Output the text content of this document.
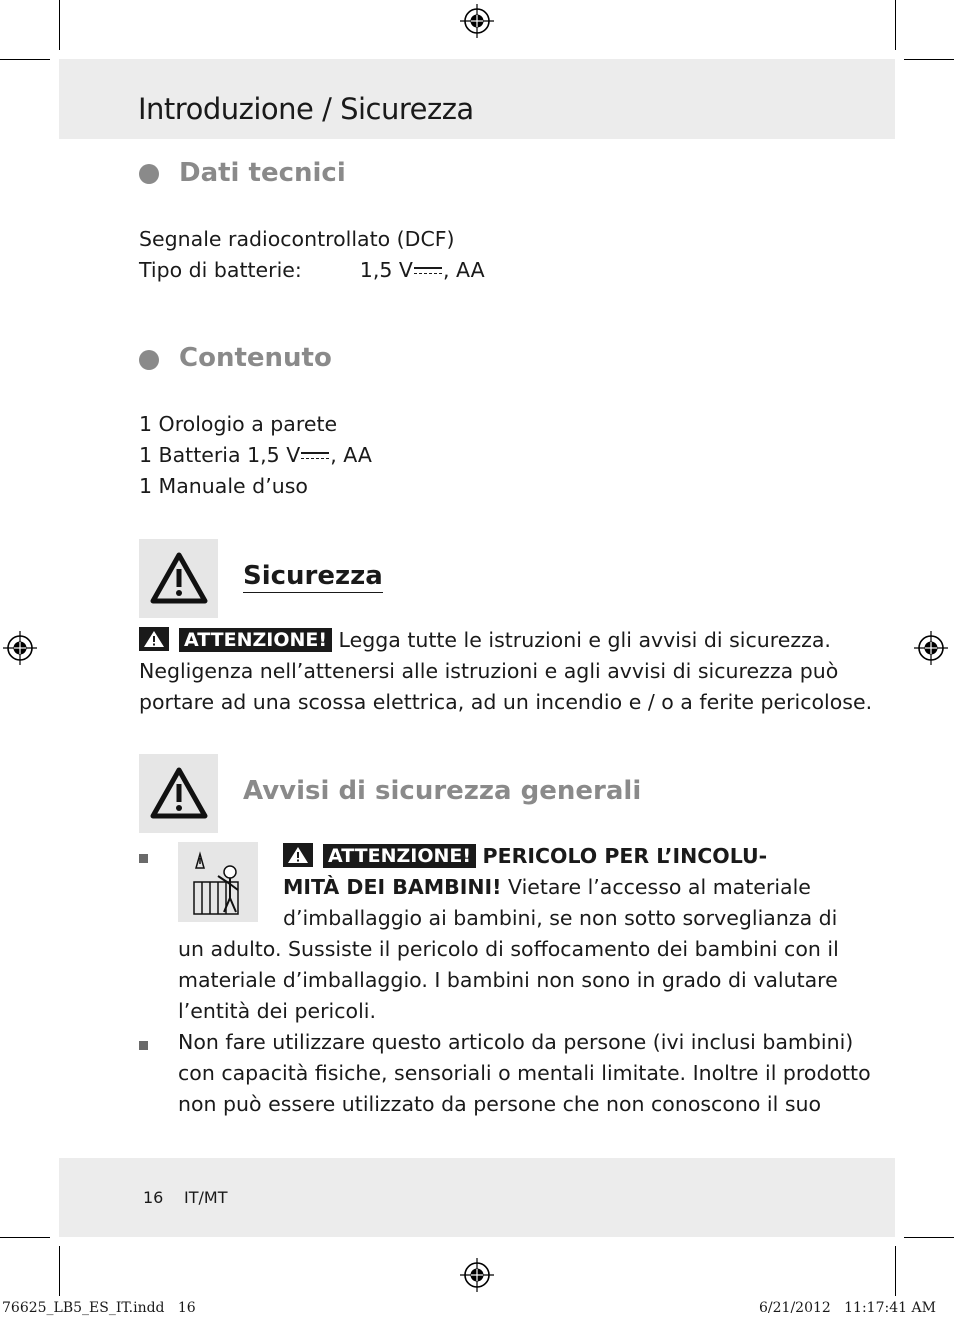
Introduzione / Sicurezza
Dati tecnici
Segnale radiocontrollato (DCF)
Tipo di batterie:	1,5 V , AA
Contenuto
1 Orologio a parete
1 Batteria 1,5 V , AA
1 Manuale d’uso
Sicurezza
ATTENZIONE! Legga tutte le istruzioni e gli avvisi di sicurezza.
Negligenza nell’attenersi alle istruzioni e agli avvisi di sicurezza può
portare ad una scossa elettrica, ad un incendio e / o a ferite pericolose.
Avvisi di sicurezza generali
ATTENZIONE! PERICOLO PER L’INCOLU-
MITÀ DEI BAMBINI! Vietare l’accesso al materiale
d’imballaggio ai bambini, se non sotto sorveglianza di
un adulto. Sussiste il pericolo di soffocamento dei bambini con il
materiale d’imballaggio. I bambini non sono in grado di valutare
l’entità dei pericoli.
Non fare utilizzare questo articolo da persone (ivi inclusi bambini)
con capacità fisiche, sensoriali o mentali limitate. Inoltre il prodotto
non può essere utilizzato da persone che non conoscono il suo
16 IT/MT
76625_LB5_ES_IT.indd   16	6/21/2012   11:17:41 AM
